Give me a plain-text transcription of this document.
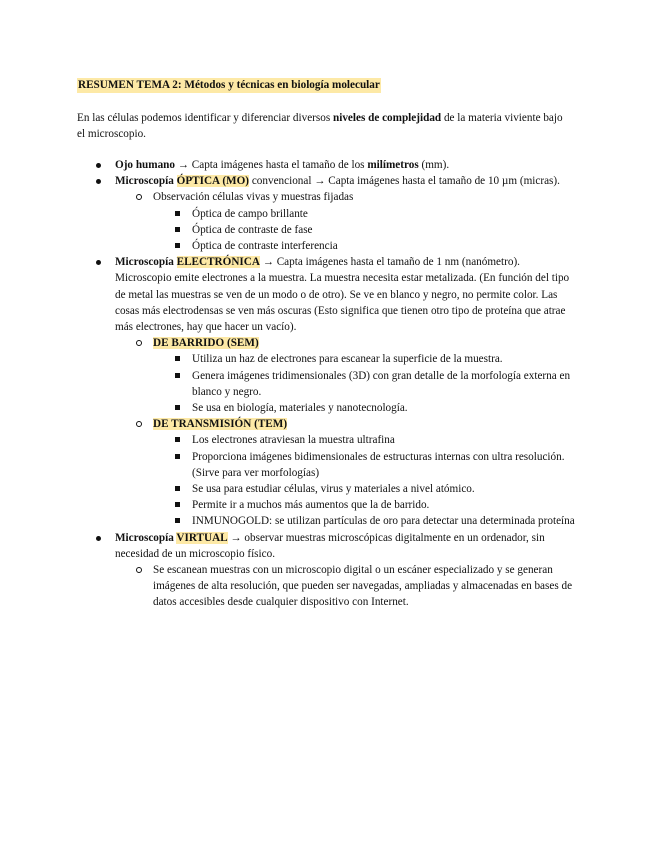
RESUMEN TEMA 2: Métodos y técnicas en biología molecular
En las células podemos identificar y diferenciar diversos niveles de complejidad de la materia viviente bajo el microscopio.
Ojo humano → Capta imágenes hasta el tamaño de los milímetros (mm).
Microscopía ÓPTICA (MO) convencional → Capta imágenes hasta el tamaño de 10 µm (micras).
Observación células vivas y muestras fijadas
Óptica de campo brillante
Óptica de contraste de fase
Óptica de contraste interferencia
Microscopía ELECTRÓNICA → Capta imágenes hasta el tamaño de 1 nm (nanómetro). Microscopio emite electrones a la muestra. La muestra necesita estar metalizada. (En función del tipo de metal las muestras se ven de un modo o de otro). Se ve en blanco y negro, no permite color. Las cosas más electrodensas se ven más oscuras (Esto significa que tienen otro tipo de proteína que atrae más electrones, hay que hacer un vacío).
DE BARRIDO (SEM)
Utiliza un haz de electrones para escanear la superficie de la muestra.
Genera imágenes tridimensionales (3D) con gran detalle de la morfología externa en blanco y negro.
Se usa en biología, materiales y nanotecnología.
DE TRANSMISIÓN (TEM)
Los electrones atraviesan la muestra ultrafina
Proporciona imágenes bidimensionales de estructuras internas con ultra resolución. (Sirve para ver morfologías)
Se usa para estudiar células, virus y materiales a nivel atómico.
Permite ir a muchos más aumentos que la de barrido.
INMUNOGOLD: se utilizan partículas de oro para detectar una determinada proteína
Microscopía VIRTUAL → observar muestras microscópicas digitalmente en un ordenador, sin necesidad de un microscopio físico.
Se escanean muestras con un microscopio digital o un escáner especializado y se generan imágenes de alta resolución, que pueden ser navegadas, ampliadas y almacenadas en bases de datos accesibles desde cualquier dispositivo con Internet.
